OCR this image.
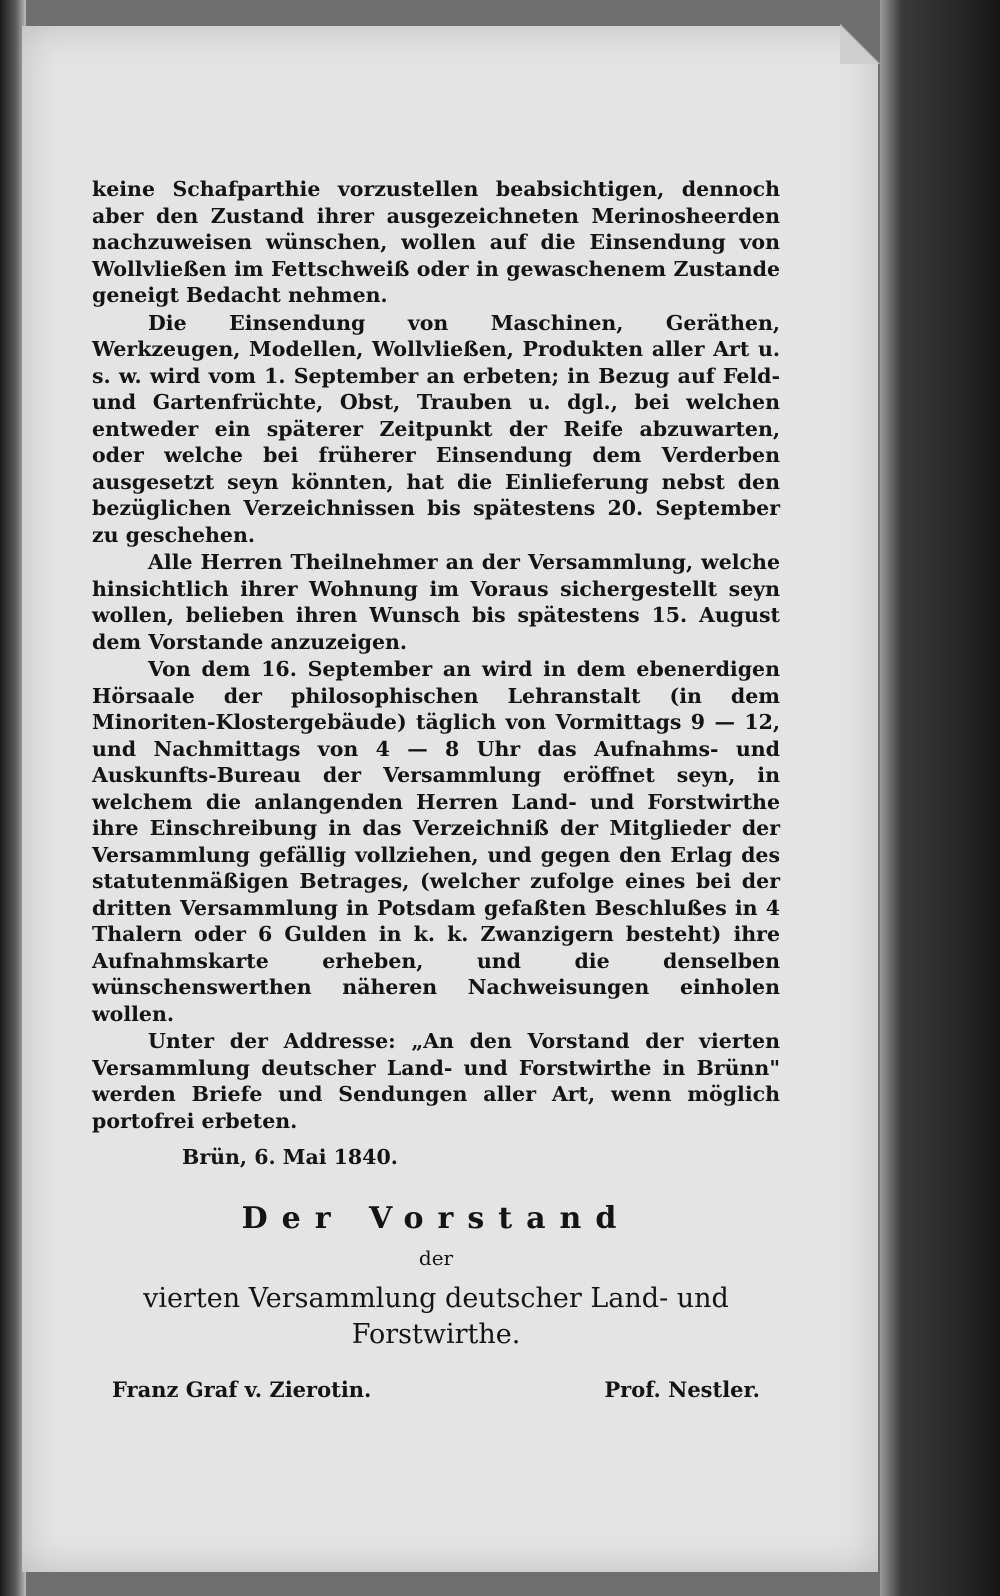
keine Schafparthie vorzustellen beabsichtigen, dennoch aber den Zustand ihrer ausgezeichneten Merinosheerden nachzuweisen wünschen, wollen auf die Einsendung von Wollvließen im Fettschweiß oder in gewaschenem Zustande geneigt Bedacht nehmen.

Die Einsendung von Maschinen, Geräthen, Werkzeugen, Modellen, Wollvließen, Produkten aller Art u. s. w. wird vom 1. September an erbeten; in Bezug auf Feld- und Gartenfrüchte, Obst, Trauben u. dgl., bei welchen entweder ein späterer Zeitpunkt der Reife abzuwarten, oder welche bei früherer Einsendung dem Verderben ausgesetzt seyn könnten, hat die Einlieferung nebst den bezüglichen Verzeichnissen bis spätestens 20. September zu geschehen.

Alle Herren Theilnehmer an der Versammlung, welche hinsichtlich ihrer Wohnung im Voraus sichergestellt seyn wollen, belieben ihren Wunsch bis spätestens 15. August dem Vorstande anzuzeigen.

Von dem 16. September an wird in dem ebenerdigen Hörsaale der philosophischen Lehranstalt (in dem Minoriten-Klostergebäude) täglich von Vormittags 9 — 12, und Nachmittags von 4 — 8 Uhr das Aufnahms- und Auskunfts-Bureau der Versammlung eröffnet seyn, in welchem die anlangenden Herren Land- und Forstwirthe ihre Einschreibung in das Verzeichniß der Mitglieder der Versammlung gefällig vollziehen, und gegen den Erlag des statutenmäßigen Betrages, (welcher zufolge eines bei der dritten Versammlung in Potsdam gefaßten Beschlußes in 4 Thalern oder 6 Gulden in k. k. Zwanzigern besteht) ihre Aufnahmskarte erheben, und die denselben wünschenswerthen näheren Nachweisungen einholen wollen.

Unter der Addresse: „An den Vorstand der vierten Versammlung deutscher Land- und Forstwirthe in Brünn" werden Briefe und Sendungen aller Art, wenn möglich portofrei erbeten.

Brün, 6. Mai 1840.

Der Vorstand
der
vierten Versammlung deutscher Land- und Forstwirthe.
Franz Graf v. Zierotin.	Prof. Nestler.
